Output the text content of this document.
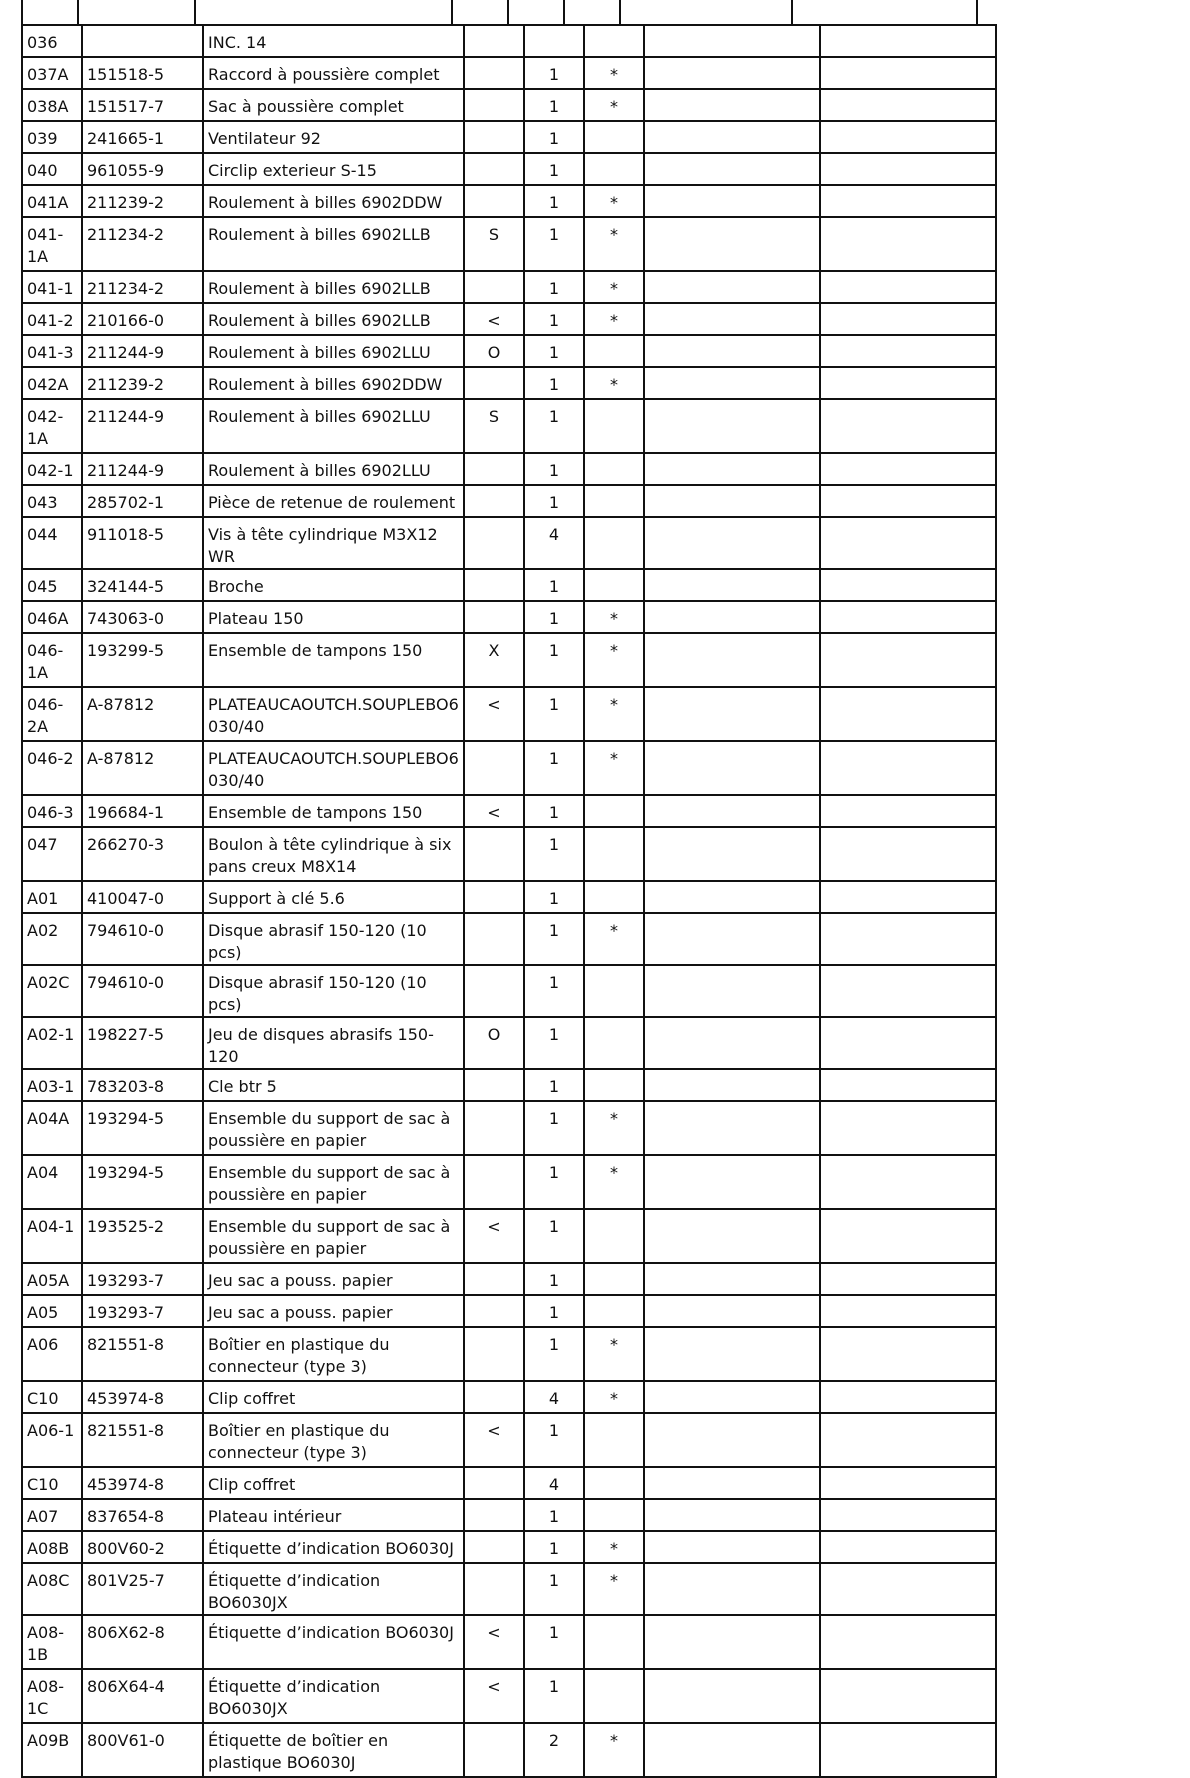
036		INC. 14					
037A	151518-5	Raccord à poussière complet		1	*		
038A	151517-7	Sac à poussière complet		1	*		
039	241665-1	Ventilateur 92		1			
040	961055-9	Circlip exterieur S-15		1			
041A	211239-2	Roulement à billes 6902DDW		1	*		
041-1A	211234-2	Roulement à billes 6902LLB	S	1	*		
041-1	211234-2	Roulement à billes 6902LLB		1	*		
041-2	210166-0	Roulement à billes 6902LLB	<	1	*		
041-3	211244-9	Roulement à billes 6902LLU	O	1			
042A	211239-2	Roulement à billes 6902DDW		1	*		
042-1A	211244-9	Roulement à billes 6902LLU	S	1			
042-1	211244-9	Roulement à billes 6902LLU		1			
043	285702-1	Pièce de retenue de roulement		1			
044	911018-5	Vis à tête cylindrique M3X12 WR		4			
045	324144-5	Broche		1			
046A	743063-0	Plateau 150		1	*		
046-1A	193299-5	Ensemble de tampons 150	X	1	*		
046-2A	A-87812	PLATEAUCAOUTCH.SOUPLEBO6030/40	<	1	*		
046-2	A-87812	PLATEAUCAOUTCH.SOUPLEBO6030/40		1	*		
046-3	196684-1	Ensemble de tampons 150	<	1			
047	266270-3	Boulon à tête cylindrique à six pans creux M8X14		1			
A01	410047-0	Support à clé 5.6		1			
A02	794610-0	Disque abrasif 150-120 (10 pcs)		1	*		
A02C	794610-0	Disque abrasif 150-120 (10 pcs)		1			
A02-1	198227-5	Jeu de disques abrasifs 150-120	O	1			
A03-1	783203-8	Cle btr 5		1			
A04A	193294-5	Ensemble du support de sac à poussière en papier		1	*		
A04	193294-5	Ensemble du support de sac à poussière en papier		1	*		
A04-1	193525-2	Ensemble du support de sac à poussière en papier	<	1			
A05A	193293-7	Jeu sac a pouss. papier		1			
A05	193293-7	Jeu sac a pouss. papier		1			
A06	821551-8	Boîtier en plastique du connecteur (type 3)		1	*		
C10	453974-8	Clip coffret		4	*		
A06-1	821551-8	Boîtier en plastique du connecteur (type 3)	<	1			
C10	453974-8	Clip coffret		4			
A07	837654-8	Plateau intérieur		1			
A08B	800V60-2	Étiquette d’indication BO6030J		1	*		
A08C	801V25-7	Étiquette d’indication BO6030JX		1	*		
A08-1B	806X62-8	Étiquette d’indication BO6030J	<	1			
A08-1C	806X64-4	Étiquette d’indication BO6030JX	<	1			
A09B	800V61-0	Étiquette de boîtier en plastique BO6030J		2	*		
